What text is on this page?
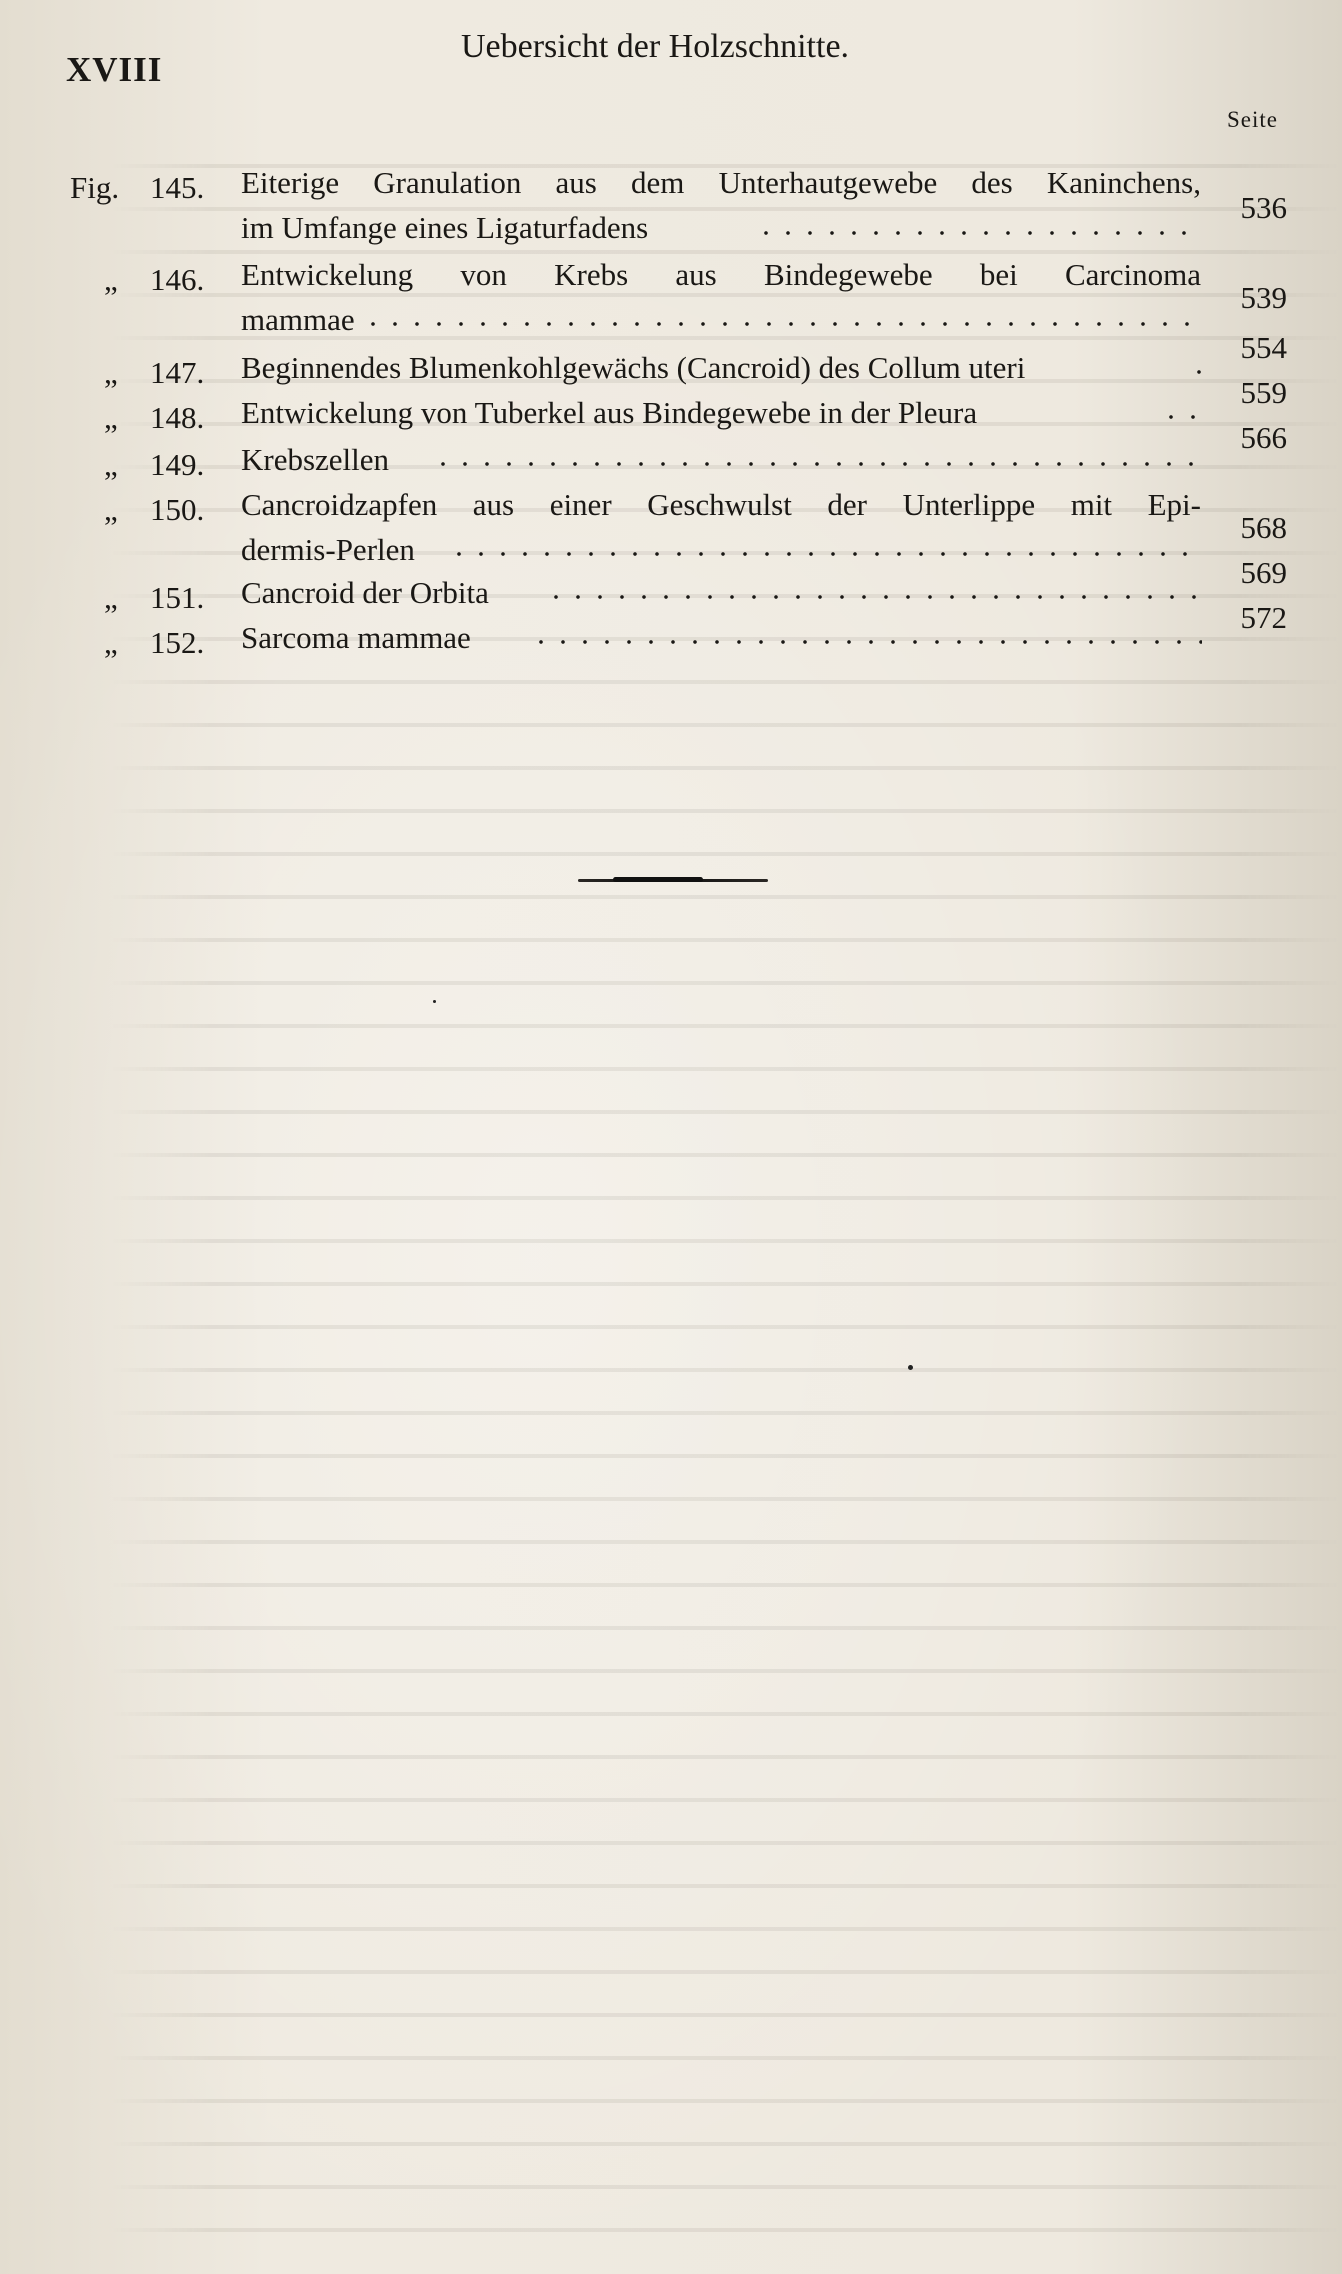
XVIII
Uebersicht der Holzschnitte.
Seite
Fig. 145. Eiterige Granulation aus dem Unterhautgewebe des Kaninchens,
im Umfange eines Ligaturfadens
536
„ 146. Entwickelung von Krebs aus Bindegewebe bei Carcinoma
mammae
539
„ 147. Beginnendes Blumenkohlgewächs (Cancroid) des Collum uteri
554
„ 148. Entwickelung von Tuberkel aus Bindegewebe in der Pleura
559
„ 149. Krebszellen
566
„ 150. Cancroidzapfen aus einer Geschwulst der Unterlippe mit Epi-
dermis-Perlen
568
„ 151. Cancroid der Orbita
569
„ 152. Sarcoma mammae
572
